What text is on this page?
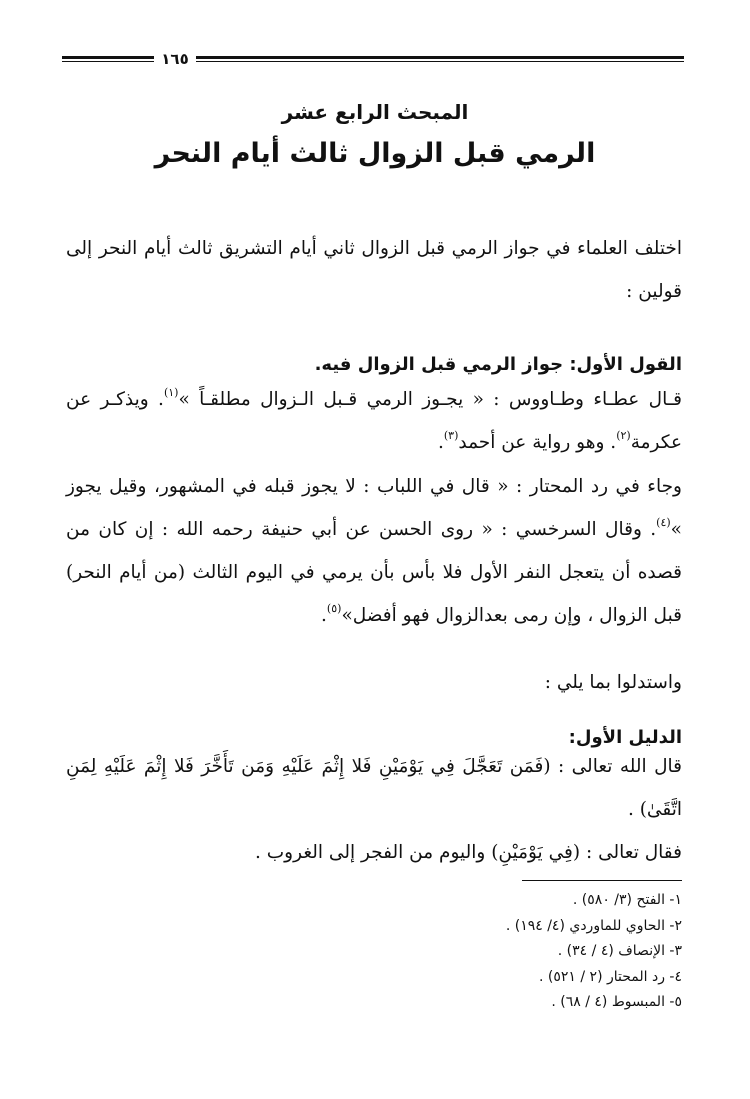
١٦٥
المبحث الرابع عشر
الرمي قبل الزوال ثالث أيام النحر

اختلف العلماء في جواز الرمي قبل الزوال ثاني أيام التشريق ثالث أيام النحر إلى قولين :

القول الأول: جواز الرمي قبل الزوال فيه.

قـال عطـاء وطـاووس : « يجـوز الرمي قـبل الـزوال مطلقـاً »$^{(١)}$. ويذكـر عن عكرمة$^{(٢)}$. وهو رواية عن أحمد$^{(٣)}$.

وجاء في رد المحتار : « قال في اللباب : لا يجوز قبله في المشهور، وقيل يجوز »$^{(٤)}$. وقال السرخسي : « روى الحسن عن أبي حنيفة رحمه الله : إن كان من قصده أن يتعجل النفر الأول فلا بأس بأن يرمي في اليوم الثالث (من أيام النحر) قبل الزوال ، وإن رمى بعدالزوال فهو أفضل»$^{(٥)}$.

واستدلوا بما يلي :

الدليل الأول:
قال الله تعالى : (فَمَن تَعَجَّلَ فِي يَوْمَيْنِ فَلا إِثْمَ عَلَيْهِ وَمَن تَأَخَّرَ فَلا إِثْمَ عَلَيْهِ لِمَنِ اتَّقَىٰ) .
فقال تعالى : (فِي يَوْمَيْنِ) واليوم من الفجر إلى الغروب .
١- الفتح (٣/ ٥٨٠) .
٢- الحاوي للماوردي (٤/ ١٩٤) .
٣- الإنصاف (٤ / ٣٤) .
٤- رد المحتار (٢ / ٥٢١) .
٥- المبسوط (٤ / ٦٨) .
